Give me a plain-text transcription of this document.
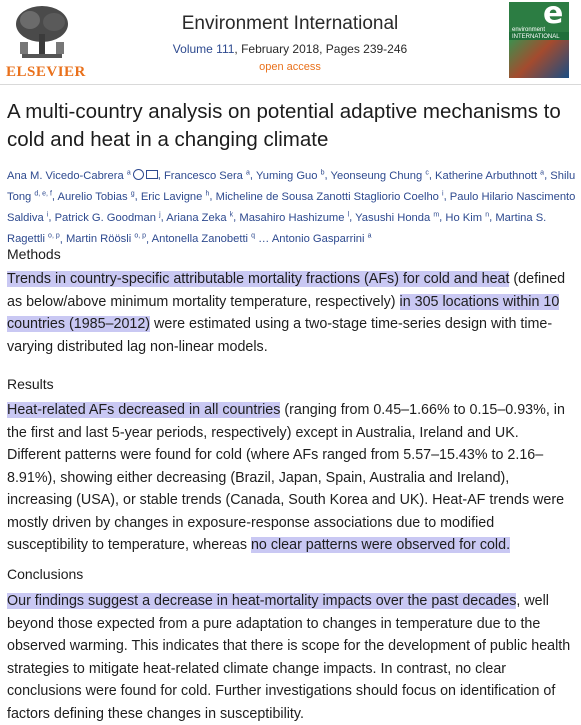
ELSEVIER
Environment International
Volume 111, February 2018, Pages 239-246
open access
e
environment INTERNATIONAL
A multi-country analysis on potential adaptive mechanisms to cold and heat in a changing climate
Ana M. Vicedo-Cabrera $^a$ , Francesco Sera $^a$, Yuming Guo $^b$, Yeonseung Chung $^c$, Katherine Arbuthnott $^a$, Shilu Tong $^{d, e, f}$, Aurelio Tobias $^g$, Eric Lavigne $^h$, Micheline de Sousa Zanotti Stagliorio Coelho $^i$, Paulo Hilario Nascimento Saldiva $^i$, Patrick G. Goodman $^j$, Ariana Zeka $^k$, Masahiro Hashizume $^l$, Yasushi Honda $^m$, Ho Kim $^n$, Martina S. Ragettli $^{o, p}$, Martin Röösli $^{o, p}$, Antonella Zanobetti $^q$ … Antonio Gasparrini $^a$
Methods
Trends in country-specific attributable mortality fractions (AFs) for cold and heat (defined as below/above minimum mortality temperature, respectively) in 305 locations within 10 countries (1985–2012) were estimated using a two-stage time-series design with time-varying distributed lag non-linear models.
Results
Heat-related AFs decreased in all countries (ranging from 0.45–1.66% to 0.15–0.93%, in the first and last 5-year periods, respectively) except in Australia, Ireland and UK. Different patterns were found for cold (where AFs ranged from 5.57–15.43% to 2.16–8.91%), showing either decreasing (Brazil, Japan, Spain, Australia and Ireland), increasing (USA), or stable trends (Canada, South Korea and UK). Heat-AF trends were mostly driven by changes in exposure-response associations due to modified susceptibility to temperature, whereas no clear patterns were observed for cold.
Conclusions
Our findings suggest a decrease in heat-mortality impacts over the past decades, well beyond those expected from a pure adaptation to changes in temperature due to the observed warming. This indicates that there is scope for the development of public health strategies to mitigate heat-related climate change impacts. In contrast, no clear conclusions were found for cold. Further investigations should focus on identification of factors defining these changes in susceptibility.
